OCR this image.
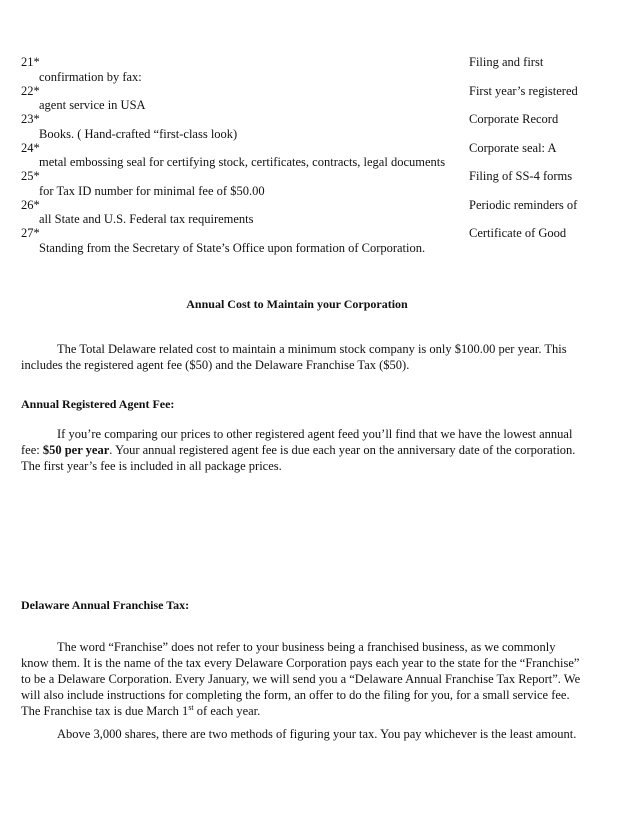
21*	Filing and first
confirmation by fax:
22*	First year’s registered
agent service in USA
23*	Corporate Record
Books. ( Hand-crafted “first-class look)
24*	Corporate seal: A
metal embossing seal for certifying stock, certificates, contracts, legal documents
25*	Filing of SS-4 forms
for Tax ID number for minimal fee of $50.00
26*	Periodic reminders of
all State and U.S. Federal tax requirements
27*	Certificate of Good
Standing from the Secretary of State’s Office upon formation of Corporation.
Annual Cost to Maintain your Corporation
The Total Delaware related cost to maintain a minimum stock company is only $100.00 per year. This includes the registered agent fee ($50) and the Delaware Franchise Tax ($50).
Annual Registered Agent Fee:
If you’re comparing our prices to other registered agent feed you’ll find that we have the lowest annual fee: $50 per year. Your annual registered agent fee is due each year on the anniversary date of the corporation. The first year’s fee is included in all package prices.
Delaware Annual Franchise Tax:
The word “Franchise” does not refer to your business being a franchised business, as we commonly know them. It is the name of the tax every Delaware Corporation pays each year to the state for the “Franchise” to be a Delaware Corporation. Every January, we will send you a “Delaware Annual Franchise Tax Report”. We will also include instructions for completing the form, an offer to do the filing for you, for a small service fee. The Franchise tax is due March 1st of each year.
Above 3,000 shares, there are two methods of figuring your tax. You pay whichever is the least amount.
